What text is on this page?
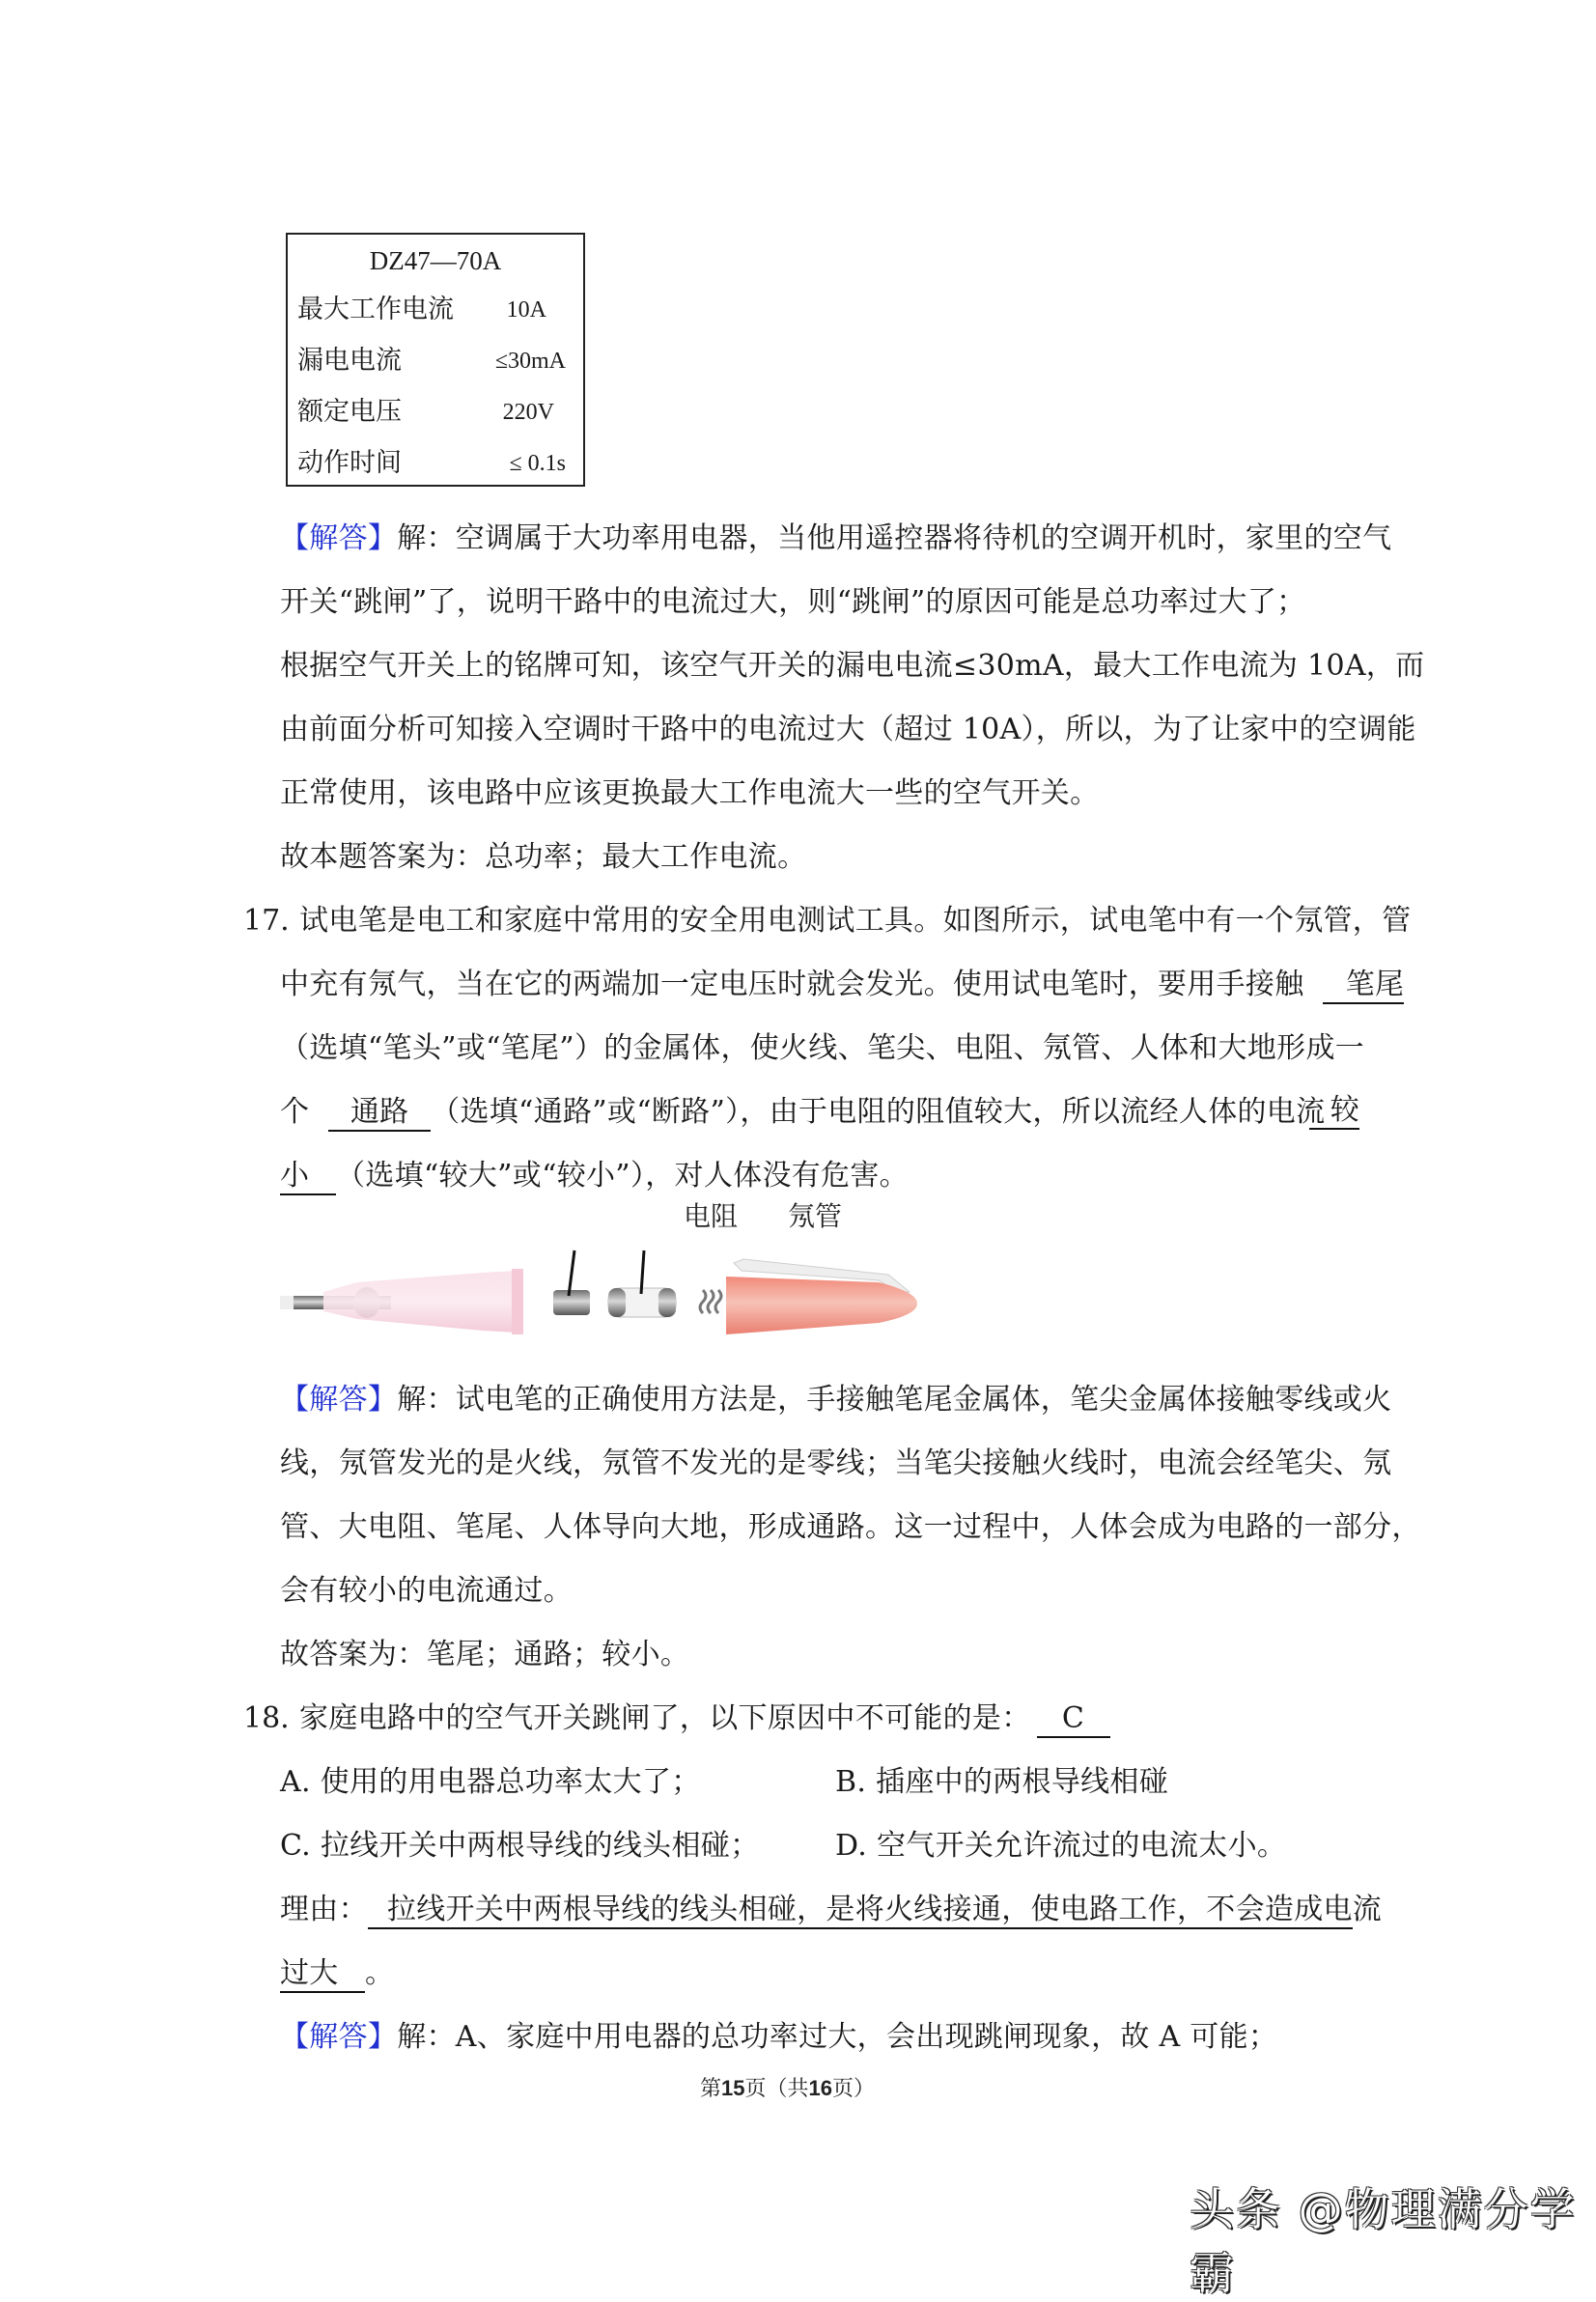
DZ47—70A
最大工作电流 10A
漏电电流	≤30mA
额定电压	220V
动作时间	≤ 0.1s
【解答】解：空调属于大功率用电器，当他用遥控器将待机的空调开机时，家里的空气
开关“跳闸”了，说明干路中的电流过大，则“跳闸”的原因可能是总功率过大了；
根据空气开关上的铭牌可知，该空气开关的漏电电流≤30mA，最大工作电流为 10A，而
由前面分析可知接入空调时干路中的电流过大（超过 10A），所以，为了让家中的空调能
正常使用，该电路中应该更换最大工作电流大一些的空气开关。
故本题答案为：总功率；最大工作电流。
17. 试电笔是电工和家庭中常用的安全用电测试工具。如图所示，试电笔中有一个氖管，管
中充有氖气，当在它的两端加一定电压时就会发光。使用试电笔时，要用手接触 笔尾
（选填“笔头”或“笔尾”）的金属体，使火线、笔尖、电阻、氖管、人体和大地形成一
个 通路 （选填“通路”或“断路”），由于电阻的阻值较大，所以流经人体的电流 较
小 （选填“较大”或“较小”），对人体没有危害。
电阻 氖管
【解答】解：试电笔的正确使用方法是，手接触笔尾金属体，笔尖金属体接触零线或火
线，氖管发光的是火线，氖管不发光的是零线；当笔尖接触火线时，电流会经笔尖、氖
管、大电阻、笔尾、人体导向大地，形成通路。这一过程中，人体会成为电路的一部分，
会有较小的电流通过。
故答案为：笔尾；通路；较小。
18. 家庭电路中的空气开关跳闸了，以下原因中不可能的是： C
A. 使用的用电器总功率太大了；	B. 插座中的两根导线相碰
C. 拉线开关中两根导线的线头相碰；	D. 空气开关允许流过的电流太小。
理由： 拉线开关中两根导线的线头相碰，是将火线接通，使电路工作，不会造成电流
过大 。
【解答】解：A、家庭中用电器的总功率过大，会出现跳闸现象，故 A 可能；
第15页（共16页）
头条 @物理满分学霸
